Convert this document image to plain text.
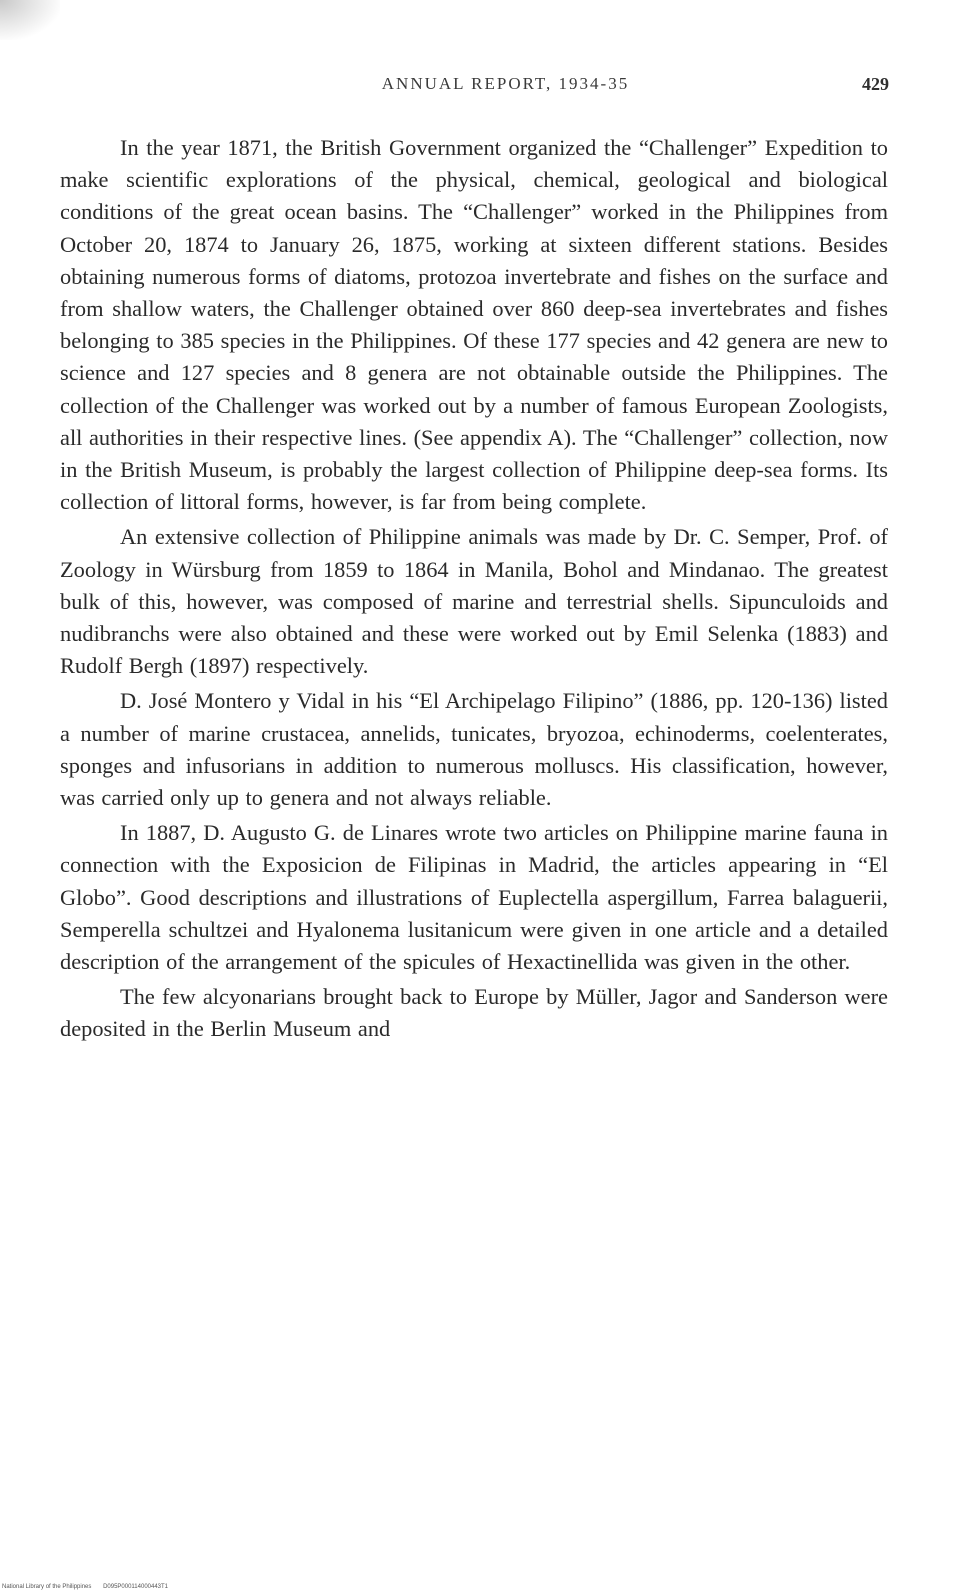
ANNUAL REPORT, 1934-35	429

In the year 1871, the British Government organized the “Challenger” Expedition to make scientific explorations of the physical, chemical, geological and biological conditions of the great ocean basins. The “Challenger” worked in the Philippines from October 20, 1874 to January 26, 1875, working at sixteen different stations. Besides obtaining numerous forms of diatoms, protozoa invertebrate and fishes on the surface and from shallow waters, the Challenger obtained over 860 deep-sea invertebrates and fishes belonging to 385 species in the Philippines. Of these 177 species and 42 genera are new to science and 127 species and 8 genera are not obtainable outside the Philippines. The collection of the Challenger was worked out by a number of famous European Zoologists, all authorities in their respective lines. (See appendix A). The “Challenger” collection, now in the British Museum, is probably the largest collection of Philippine deep-sea forms. Its collection of littoral forms, however, is far from being complete.

An extensive collection of Philippine animals was made by Dr. C. Semper, Prof. of Zoology in Würsburg from 1859 to 1864 in Manila, Bohol and Mindanao. The greatest bulk of this, however, was composed of marine and terrestrial shells. Sipunculoids and nudibranchs were also obtained and these were worked out by Emil Selenka (1883) and Rudolf Bergh (1897) respectively.

D. José Montero y Vidal in his “El Archipelago Filipino” (1886, pp. 120-136) listed a number of marine crustacea, annelids, tunicates, bryozoa, echinoderms, coelenterates, sponges and infusorians in addition to numerous molluscs. His classification, however, was carried only up to genera and not always reliable.

In 1887, D. Augusto G. de Linares wrote two articles on Philippine marine fauna in connection with the Exposicion de Filipinas in Madrid, the articles appearing in “El Globo”. Good descriptions and illustrations of Euplectella aspergillum, Farrea balaguerii, Semperella schultzei and Hyalonema lusitanicum were given in one article and a detailed description of the arrangement of the spicules of Hexactinellida was given in the other.

The few alcyonarians brought back to Europe by Müller, Jagor and Sanderson were deposited in the Berlin Museum and

National Library of the Philippines D095P000114000443T1
